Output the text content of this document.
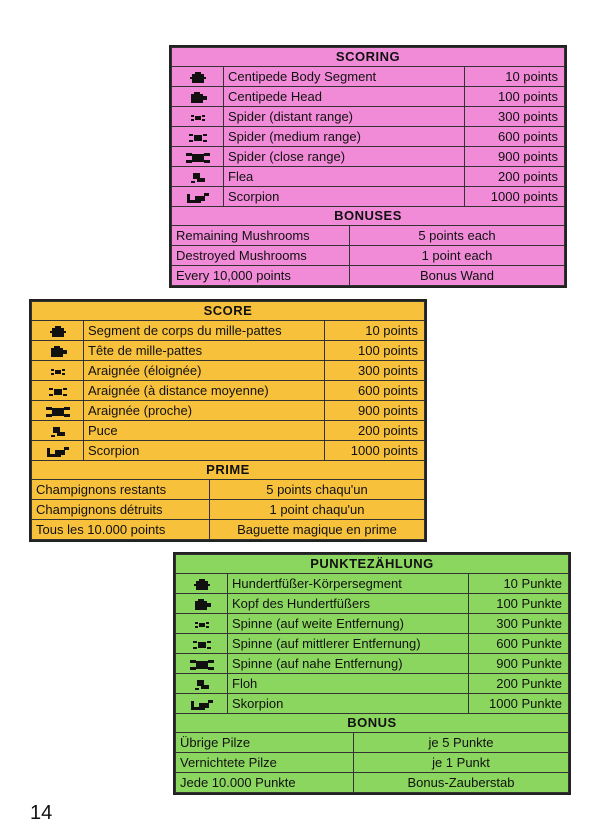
SCORING		
	Centipede Body Segment	10 points
	Centipede Head	100 points
	Spider (distant range)	300 points
	Spider (medium range)	600 points
	Spider (close range)	900 points
	Flea	200 points
	Scorpion	1000 points
BONUSES	
Remaining Mushrooms	5 points each
Destroyed Mushrooms	1 point each
Every 10,000 points	Bonus Wand
SCORE		
	Segment de corps du mille-pattes	10 points
	Tête de mille-pattes	100 points
	Araignée (éloignée)	300 points
	Araignée (à distance moyenne)	600 points
	Araignée (proche)	900 points
	Puce	200 points
	Scorpion	1000 points
PRIME	
Champignons restants	5 points chaqu'un
Champignons détruits	1 point chaqu'un
Tous les 10.000 points	Baguette magique en prime
PUNKTEZÄHLUNG		
	Hundertfüßer-Körpersegment	10 Punkte
	Kopf des Hundertfüßers	100 Punkte
	Spinne (auf weite Entfernung)	300 Punkte
	Spinne (auf mittlerer Entfernung)	600 Punkte
	Spinne (auf nahe Entfernung)	900 Punkte
	Floh	200 Punkte
	Skorpion	1000 Punkte
BONUS	
Übrige Pilze	je 5 Punkte
Vernichtete Pilze	je 1 Punkt
Jede 10.000 Punkte	Bonus-Zauberstab
14
